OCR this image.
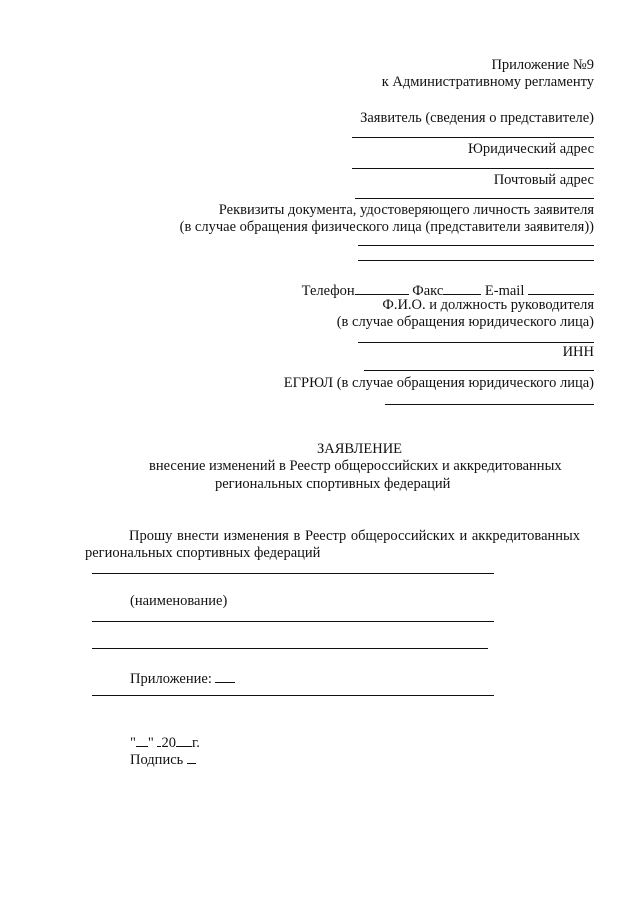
Приложение №9
к Административному регламенту
Заявитель (сведения о представителе)
Юридический адрес
Почтовый адрес
Реквизиты документа, удостоверяющего личность заявителя
(в случае обращения физического лица (представители заявителя))
Телефон	Факс	E-mail
Ф.И.О. и должность руководителя
(в случае обращения юридического лица)
ИНН
ЕГРЮЛ (в случае обращения юридического лица)
ЗАЯВЛЕНИЕ
внесение изменений в Реестр общероссийских и аккредитованных
региональных спортивных федераций
Прошу внести изменения в Реестр общероссийских и аккредитованных
региональных спортивных федераций
(наименование)
Приложение:
" " 20 г.
Подпись
